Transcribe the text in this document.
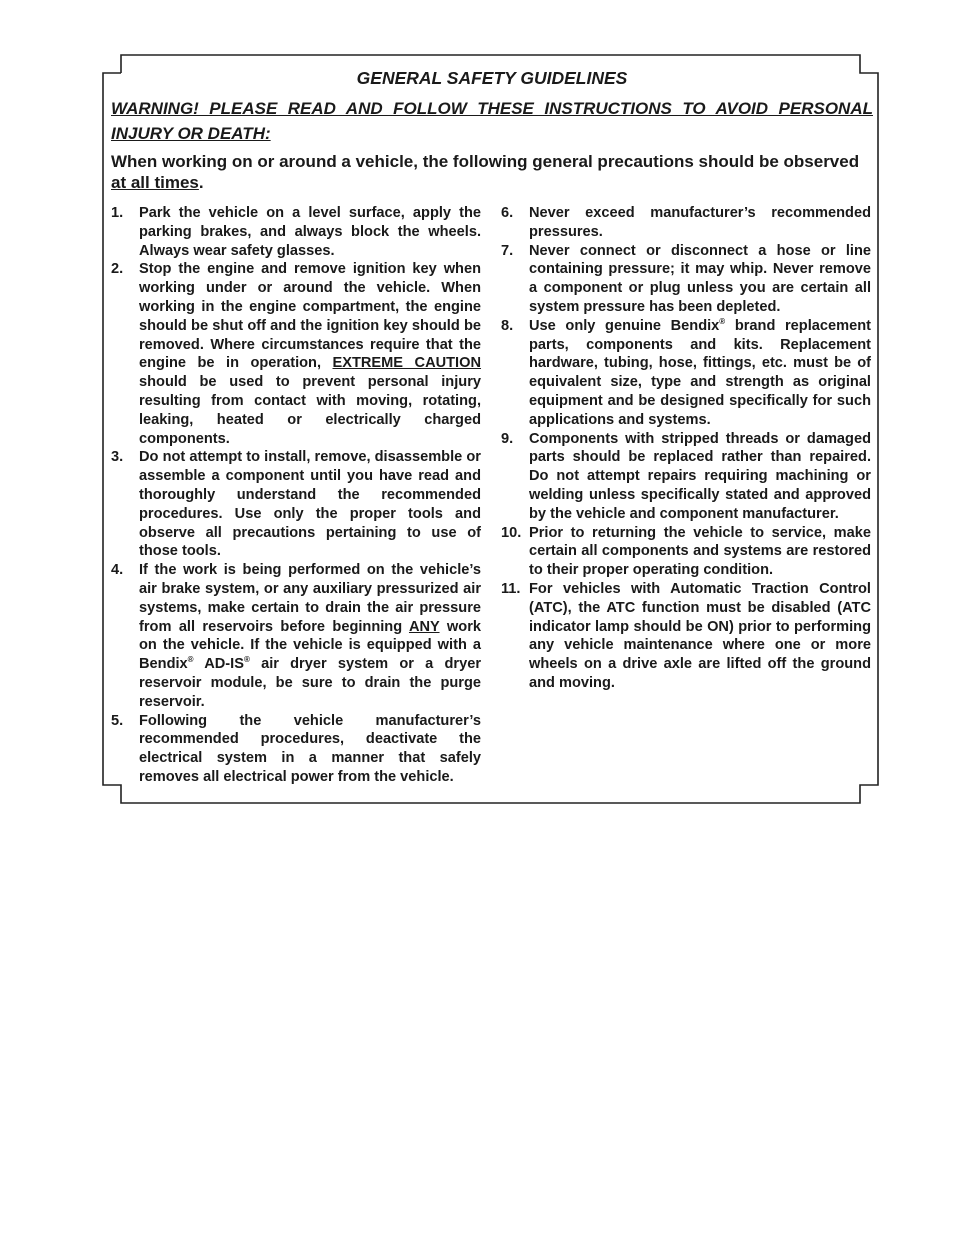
GENERAL SAFETY GUIDELINES

WARNING! PLEASE READ AND FOLLOW THESE INSTRUCTIONS TO AVOID PERSONAL INJURY OR DEATH:

When working on or around a vehicle, the following general precautions should be observed at all times.

1. Park the vehicle on a level surface, apply the parking brakes, and always block the wheels. Always wear safety glasses.
2. Stop the engine and remove ignition key when working under or around the vehicle. When working in the engine compartment, the engine should be shut off and the ignition key should be removed. Where circumstances require that the engine be in operation, EXTREME CAUTION should be used to prevent personal injury resulting from contact with moving, rotating, leaking, heated or electrically charged components.
3. Do not attempt to install, remove, disassemble or assemble a component until you have read and thoroughly understand the recommended procedures. Use only the proper tools and observe all precautions pertaining to use of those tools.
4. If the work is being performed on the vehicle’s air brake system, or any auxiliary pressurized air systems, make certain to drain the air pressure from all reservoirs before beginning ANY work on the vehicle. If the vehicle is equipped with a Bendix® AD-IS® air dryer system or a dryer reservoir module, be sure to drain the purge reservoir.
5. Following the vehicle manufacturer’s recommended procedures, deactivate the electrical system in a manner that safely removes all electrical power from the vehicle.
6. Never exceed manufacturer’s recommended pressures.
7. Never connect or disconnect a hose or line containing pressure; it may whip. Never remove a component or plug unless you are certain all system pressure has been depleted.
8. Use only genuine Bendix® brand replacement parts, components and kits. Replacement hardware, tubing, hose, fittings, etc. must be of equivalent size, type and strength as original equipment and be designed specifically for such applications and systems.
9. Components with stripped threads or damaged parts should be replaced rather than repaired. Do not attempt repairs requiring machining or welding unless specifically stated and approved by the vehicle and component manufacturer.
10. Prior to returning the vehicle to service, make certain all components and systems are restored to their proper operating condition.
11. For vehicles with Automatic Traction Control (ATC), the ATC function must be disabled (ATC indicator lamp should be ON) prior to performing any vehicle maintenance where one or more wheels on a drive axle are lifted off the ground and moving.
